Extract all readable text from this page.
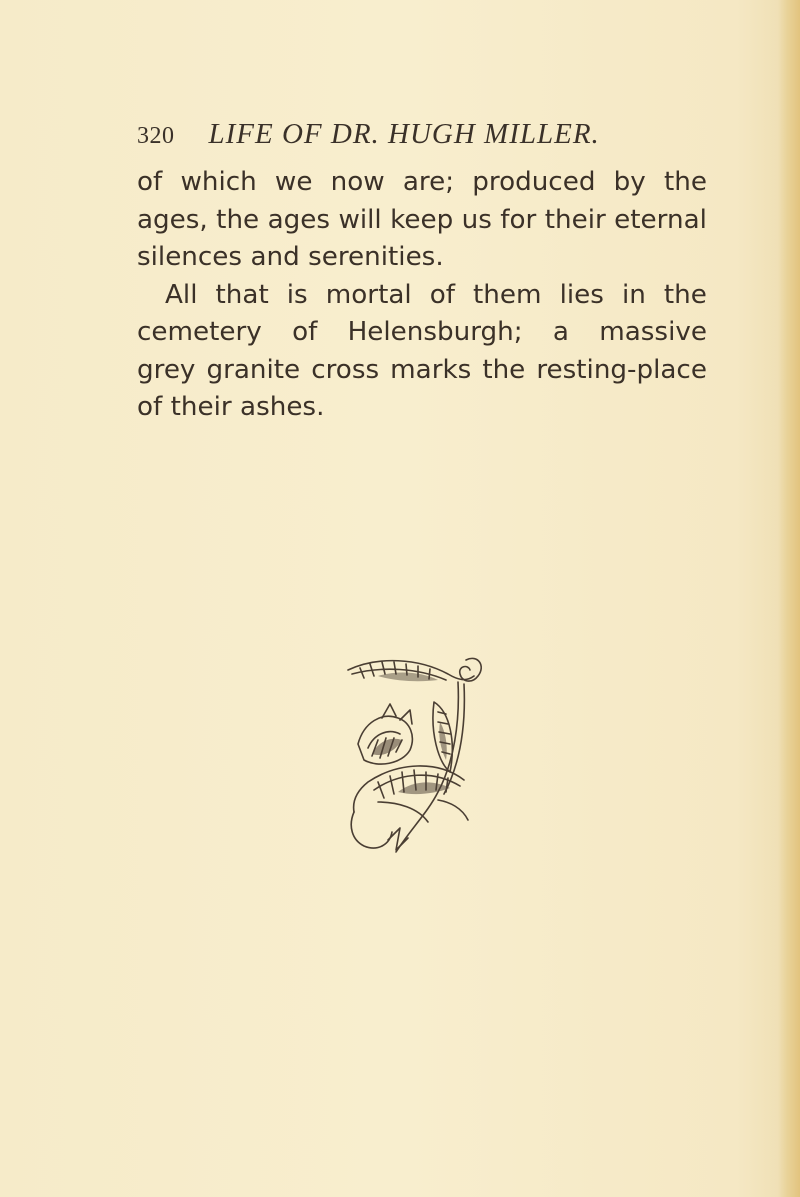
320 LIFE OF DR. HUGH MILLER.
of which we now are; produced by the
ages, the ages will keep us for their eternal
silences and serenities.
All that is mortal of them lies in the
cemetery of Helensburgh; a massive
grey granite cross marks the resting-place
of their ashes.
